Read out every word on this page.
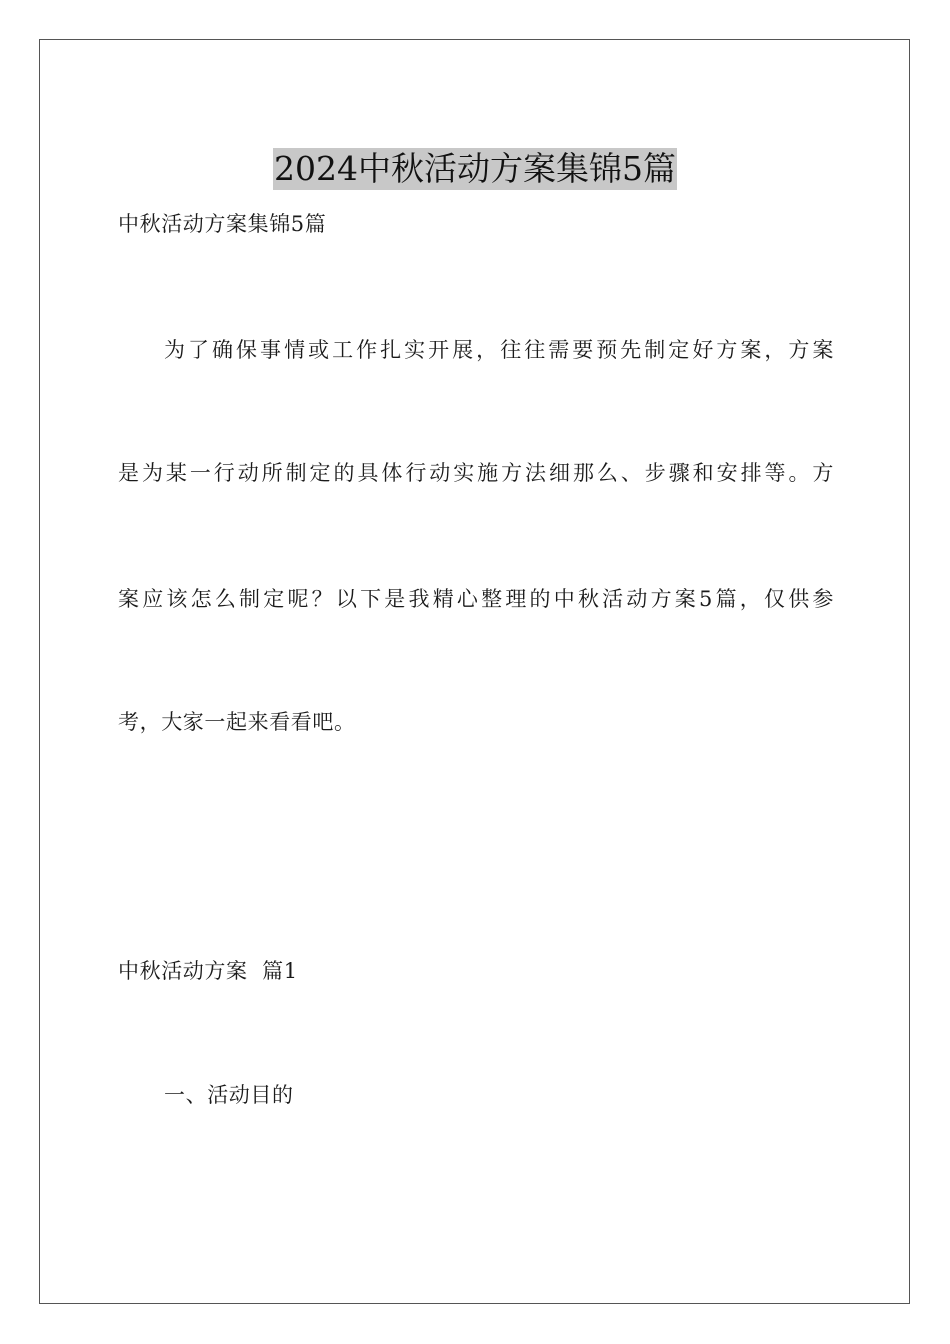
2024中秋活动方案集锦5篇
中秋活动方案集锦5篇
为了确保事情或工作扎实开展，往往需要预先制定好方案，方案
是为某一行动所制定的具体行动实施方法细那么、步骤和安排等。方
案应该怎么制定呢？以下是我精心整理的中秋活动方案5篇，仅供参
考，大家一起来看看吧。
中秋活动方案  篇1
一、活动目的
